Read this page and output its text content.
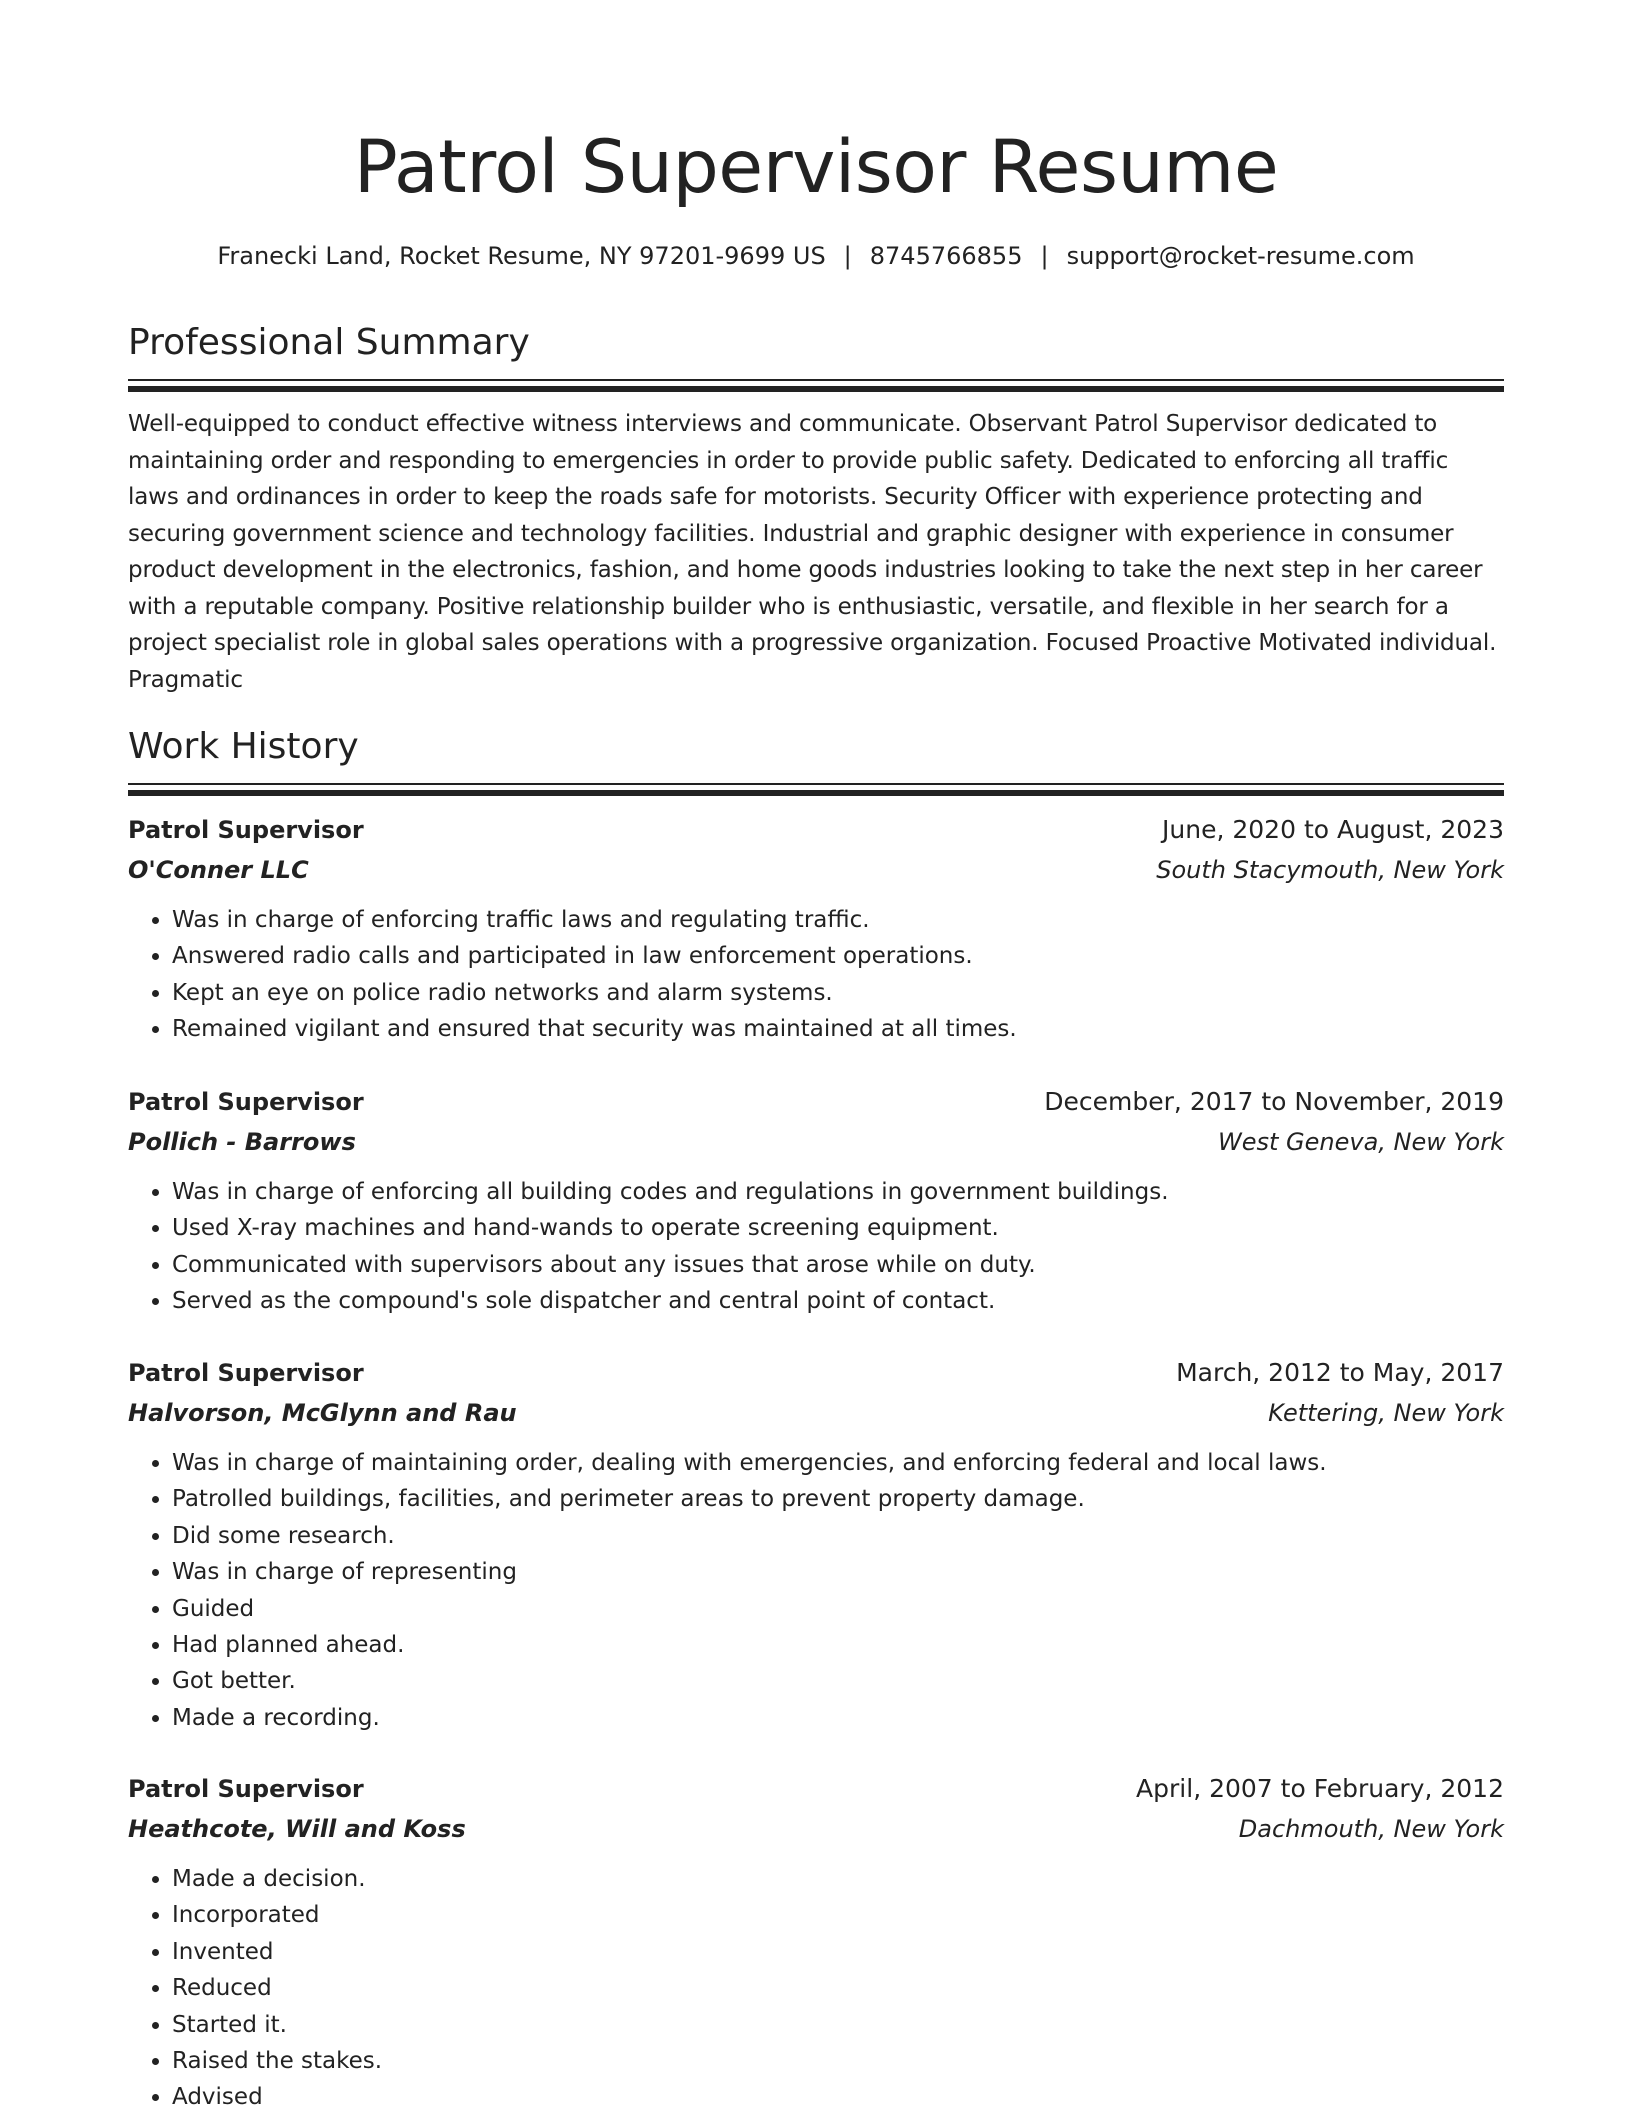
Patrol Supervisor Resume
Franecki Land, Rocket Resume, NY 97201-9699 US | 8745766855 | support@rocket-resume.com
Professional Summary

Well-equipped to conduct effective witness interviews and communicate. Observant Patrol Supervisor dedicated to maintaining order and responding to emergencies in order to provide public safety. Dedicated to enforcing all traffic laws and ordinances in order to keep the roads safe for motorists. Security Officer with experience protecting and securing government science and technology facilities. Industrial and graphic designer with experience in consumer product development in the electronics, fashion, and home goods industries looking to take the next step in her career with a reputable company. Positive relationship builder who is enthusiastic, versatile, and flexible in her search for a project specialist role in global sales operations with a progressive organization. Focused Proactive Motivated individual. Pragmatic

Work History
Patrol Supervisor	June, 2020 to August, 2023
O'Conner LLC	South Stacymouth, New York
• Was in charge of enforcing traffic laws and regulating traffic.
• Answered radio calls and participated in law enforcement operations.
• Kept an eye on police radio networks and alarm systems.
• Remained vigilant and ensured that security was maintained at all times.
Patrol Supervisor	December, 2017 to November, 2019
Pollich - Barrows	West Geneva, New York
• Was in charge of enforcing all building codes and regulations in government buildings.
• Used X-ray machines and hand-wands to operate screening equipment.
• Communicated with supervisors about any issues that arose while on duty.
• Served as the compound's sole dispatcher and central point of contact.
Patrol Supervisor	March, 2012 to May, 2017
Halvorson, McGlynn and Rau	Kettering, New York
• Was in charge of maintaining order, dealing with emergencies, and enforcing federal and local laws.
• Patrolled buildings, facilities, and perimeter areas to prevent property damage.
• Did some research.
• Was in charge of representing
• Guided
• Had planned ahead.
• Got better.
• Made a recording.
Patrol Supervisor	April, 2007 to February, 2012
Heathcote, Will and Koss	Dachmouth, New York
• Made a decision.
• Incorporated
• Invented
• Reduced
• Started it.
• Raised the stakes.
• Advised
